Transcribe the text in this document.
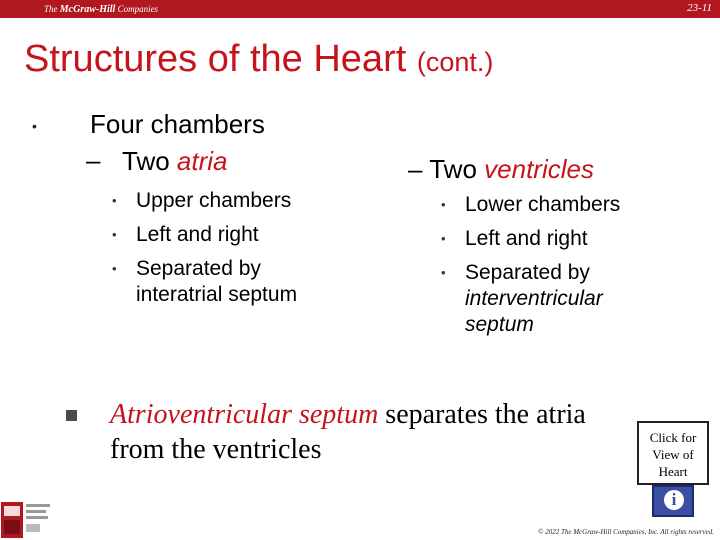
The McGraw-Hill Companies	23-11
Structures of the Heart (cont.)
• Four chambers
– Two atria
• Upper chambers
• Left and right
• Separated by
interatrial septum
– Two ventricles
• Lower chambers
• Left and right
• Separated by
interventricular
septum
Atrioventricular septum separates the atria from the ventricles	Click for
View of
Heart
i
© 2022 The McGraw-Hill Companies, Inc. All rights reserved.
